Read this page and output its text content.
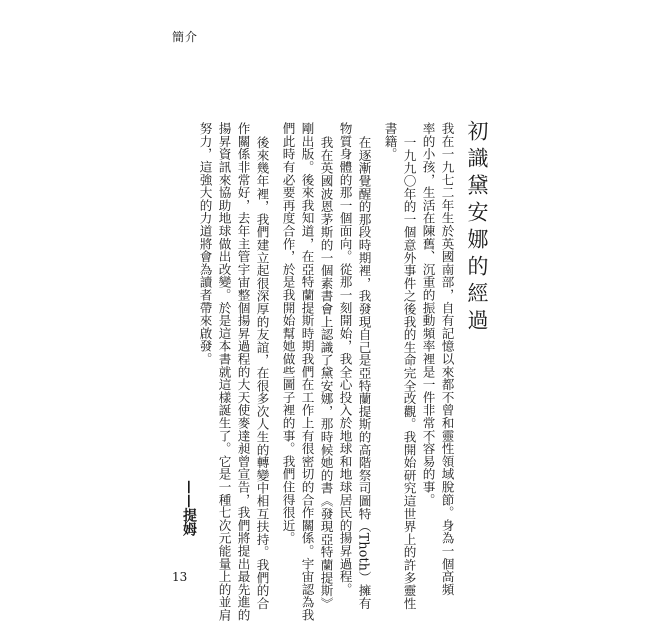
簡介
初識黛安娜的經過
我在一九七二年生於英國南部，自有記憶以來都不曾和靈性領域脫節。身為一個高頻
率的小孩，生活在陳舊、沉重的振動頻率裡是一件非常不容易的事。
一九九〇年的一個意外事件之後我的生命完全改觀。我開始研究這世界上的許多靈性
書籍。
在逐漸覺醒的那段時期裡，我發現自己是亞特蘭提斯的高階祭司圖特（Thoth）擁有
物質身體的那一個面向。從那一刻開始，我全心投入於地球和地球居民的揚昇過程。
我在英國波恩茅斯的一個素書會上認識了黛安娜，那時候她的書《發現亞特蘭提斯》
剛出版。後來我知道，在亞特蘭提斯時期我們在工作上有很密切的合作關係。宇宙認為我
們此時有必要再度合作，於是我開始幫她做些圖子裡的事。我們住得很近。
後來幾年裡，我們建立起很深厚的友誼，在很多次人生的轉變中相互扶持。我們的合
作關係非常好，去年主管宇宙整個揚昇過程的大天使麥達昶曾宣告，我們將提出最先進的
揚昇資訊來協助地球做出改變。於是這本書就這樣誕生了。它是一種七次元能量上的並肩
努力，這強大的力道將會為讀者帶來啟發。
——提姆
13
